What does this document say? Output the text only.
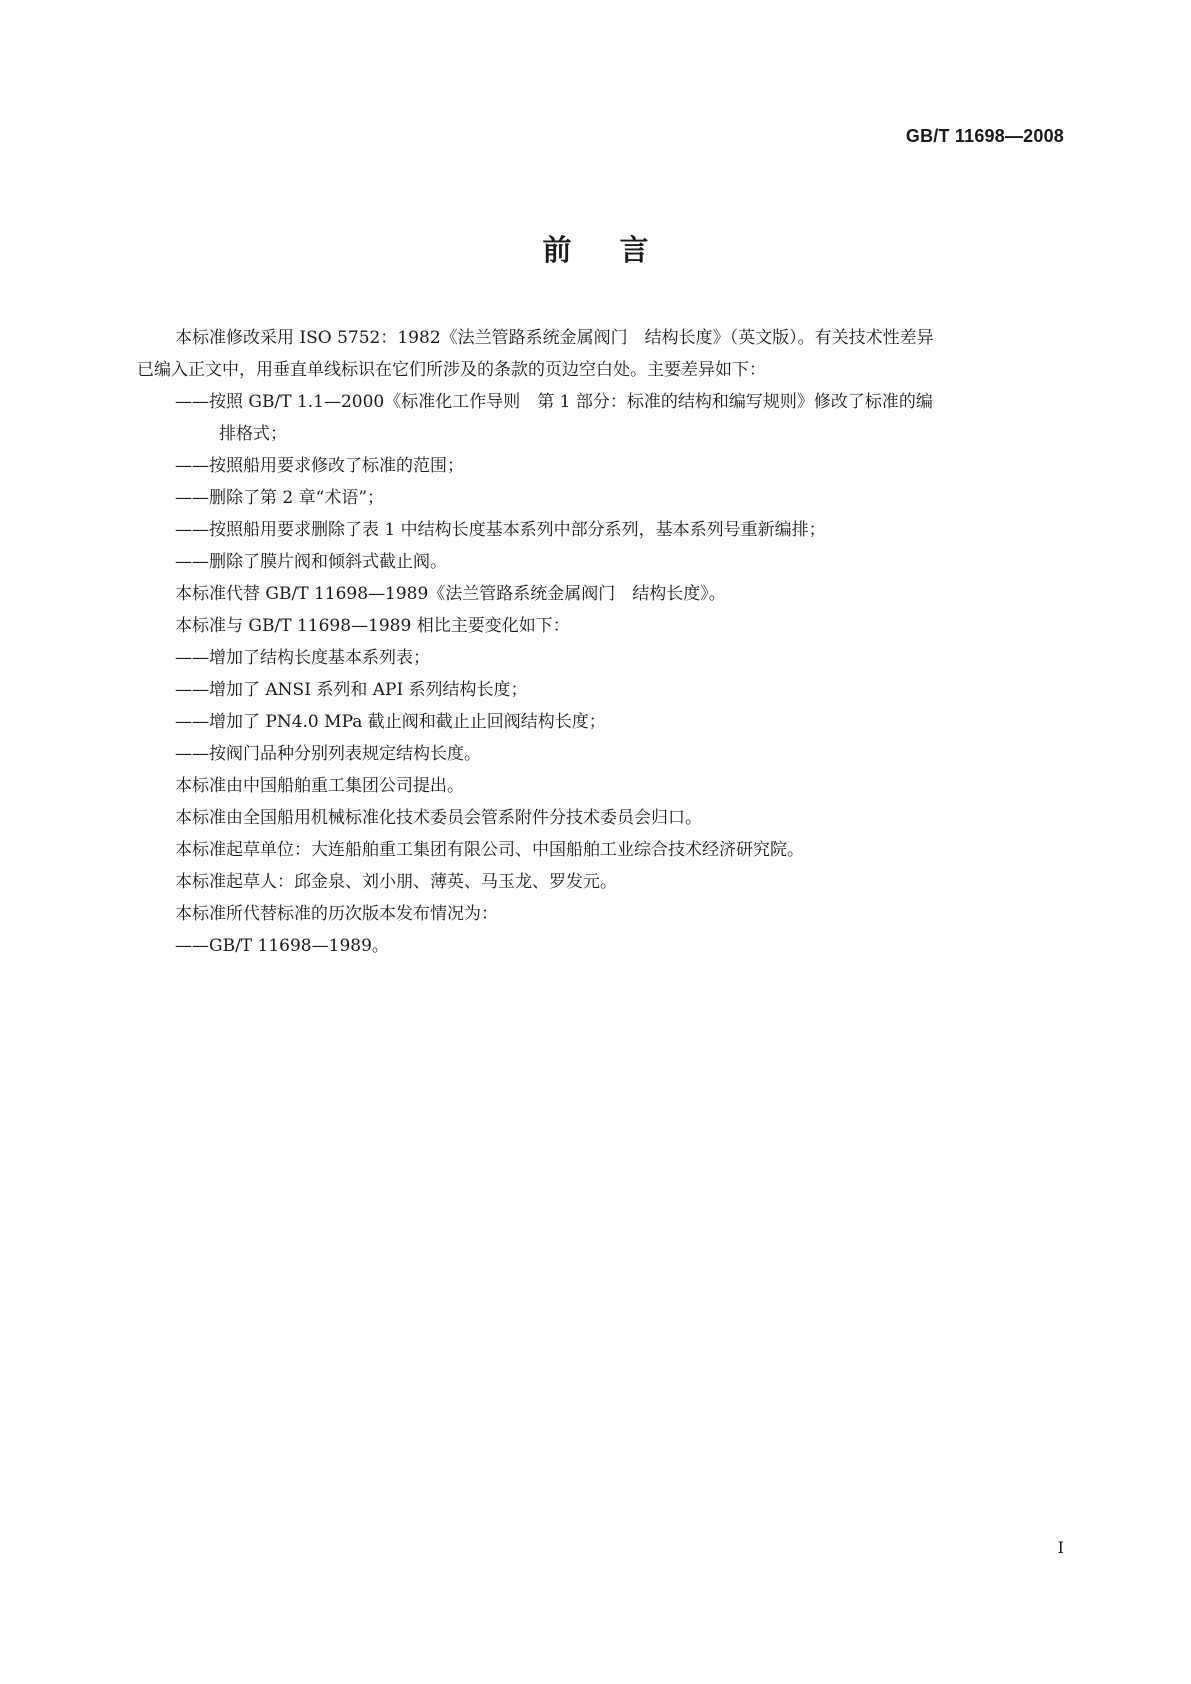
GB/T 11698—2008
前言
本标准修改采用 ISO 5752：1982《法兰管路系统金属阀门　结构长度》（英文版）。有关技术性差异
已编入正文中，用垂直单线标识在它们所涉及的条款的页边空白处。主要差异如下：
——按照 GB/T 1.1—2000《标准化工作导则　第 1 部分：标准的结构和编写规则》修改了标准的编
排格式；
——按照船用要求修改了标准的范围；
——删除了第 2 章“术语”；
——按照船用要求删除了表 1 中结构长度基本系列中部分系列，基本系列号重新编排；
——删除了膜片阀和倾斜式截止阀。
本标准代替 GB/T 11698—1989《法兰管路系统金属阀门　结构长度》。
本标准与 GB/T 11698—1989 相比主要变化如下：
——增加了结构长度基本系列表；
——增加了 ANSI 系列和 API 系列结构长度；
——增加了 PN4.0 MPa 截止阀和截止止回阀结构长度；
——按阀门品种分别列表规定结构长度。
本标准由中国船舶重工集团公司提出。
本标准由全国船用机械标准化技术委员会管系附件分技术委员会归口。
本标准起草单位：大连船舶重工集团有限公司、中国船舶工业综合技术经济研究院。
本标准起草人：邱金泉、刘小朋、薄英、马玉龙、罗发元。
本标准所代替标准的历次版本发布情况为：
——GB/T 11698—1989。
I
